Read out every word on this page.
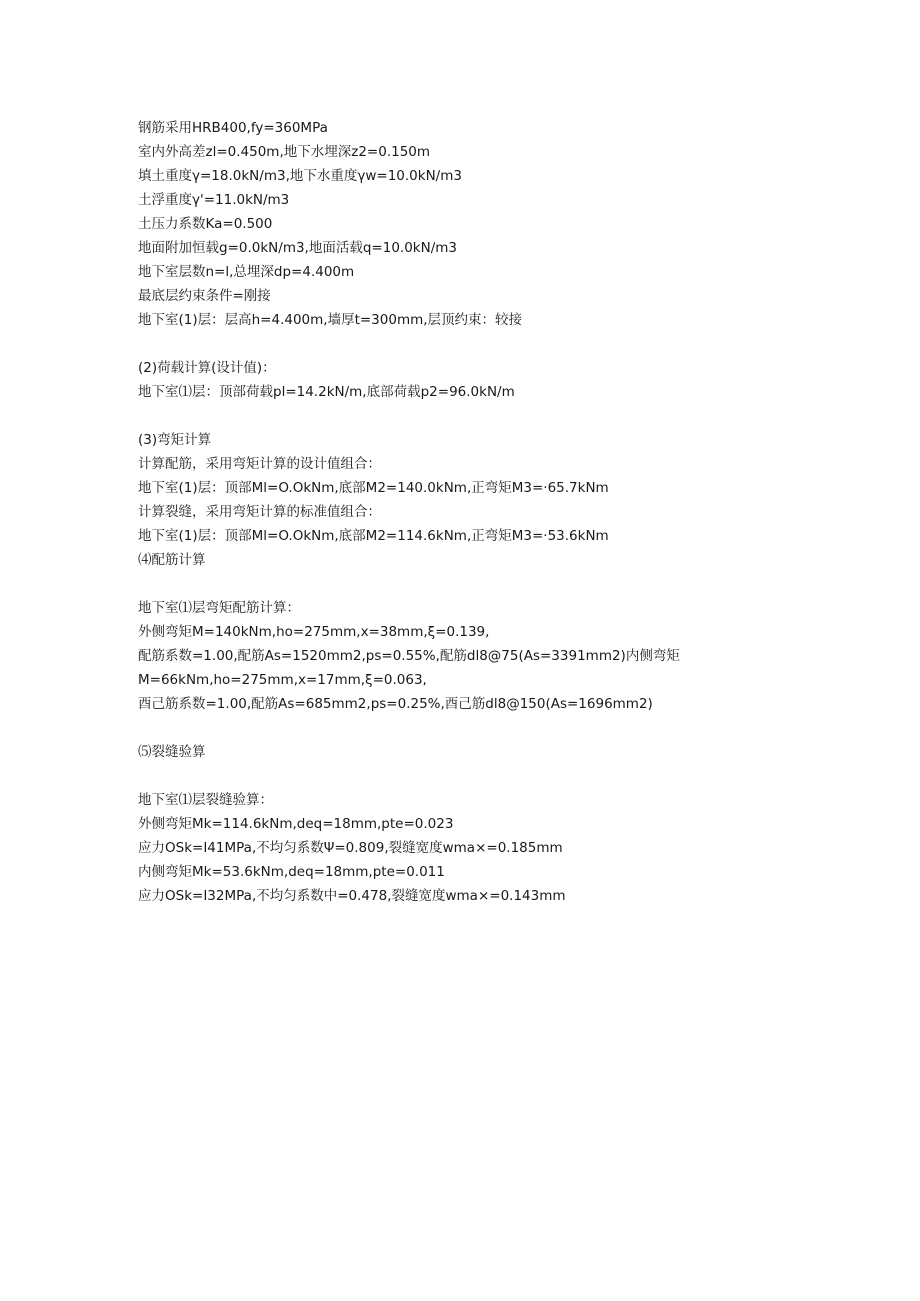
钢筋采用HRB400,fy=360MPa
室内外高差zl=0.450m,地下水埋深z2=0.150m
填土重度γ=18.0kN∕m3,地下水重度γw=10.0kN∕m3
土浮重度γ'=11.0kN∕m3
土压力系数Ka=0.500
地面附加恒载g=0.0kN∕m3,地面活载q=10.0kN∕m3
地下室层数n=l,总埋深dp=4.400m
最底层约束条件=刚接
地下室(1)层：层高h=4.400m,墙厚t=300mm,层顶约束：较接
(2)荷载计算(设计值)：
地下室⑴层：顶部荷载pl=14.2kN∕m,底部荷载p2=96.0kN/m
(3)弯矩计算
计算配筋，采用弯矩计算的设计值组合：
地下室(1)层：顶部Ml=O.OkNm,底部M2=140.0kNm,正弯矩M3=·65.7kNm
计算裂缝，采用弯矩计算的标准值组合：
地下室(1)层：顶部Ml=O.OkNm,底部M2=114.6kNm,正弯矩M3=·53.6kNm
⑷配筋计算
地下室⑴层弯矩配筋计算：
外侧弯矩M=140kNm,ho=275mm,x=38mm,ξ=0.139,
配筋系数=1.00,配筋As=1520mm2,ps=0.55%,配筋dl8@75(As=3391mm2)内侧弯矩
M=66kNm,ho=275mm,x=17mm,ξ=0.063,
酉己筋系数=1.00,配筋As=685mm2,ps=0.25%,酉己筋dl8@150(As=1696mm2)
⑸裂缝验算
地下室⑴层裂缝验算：
外侧弯矩Mk=114.6kNm,deq=18mm,pte=0.023
应力OSk=I41MPa,不均匀系数Ψ=0.809,裂缝宽度wma×=0.185mm
内侧弯矩Mk=53.6kNm,deq=18mm,pte=0.011
应力OSk=I32MPa,不均匀系数中=0.478,裂缝宽度wma×=0.143mm
